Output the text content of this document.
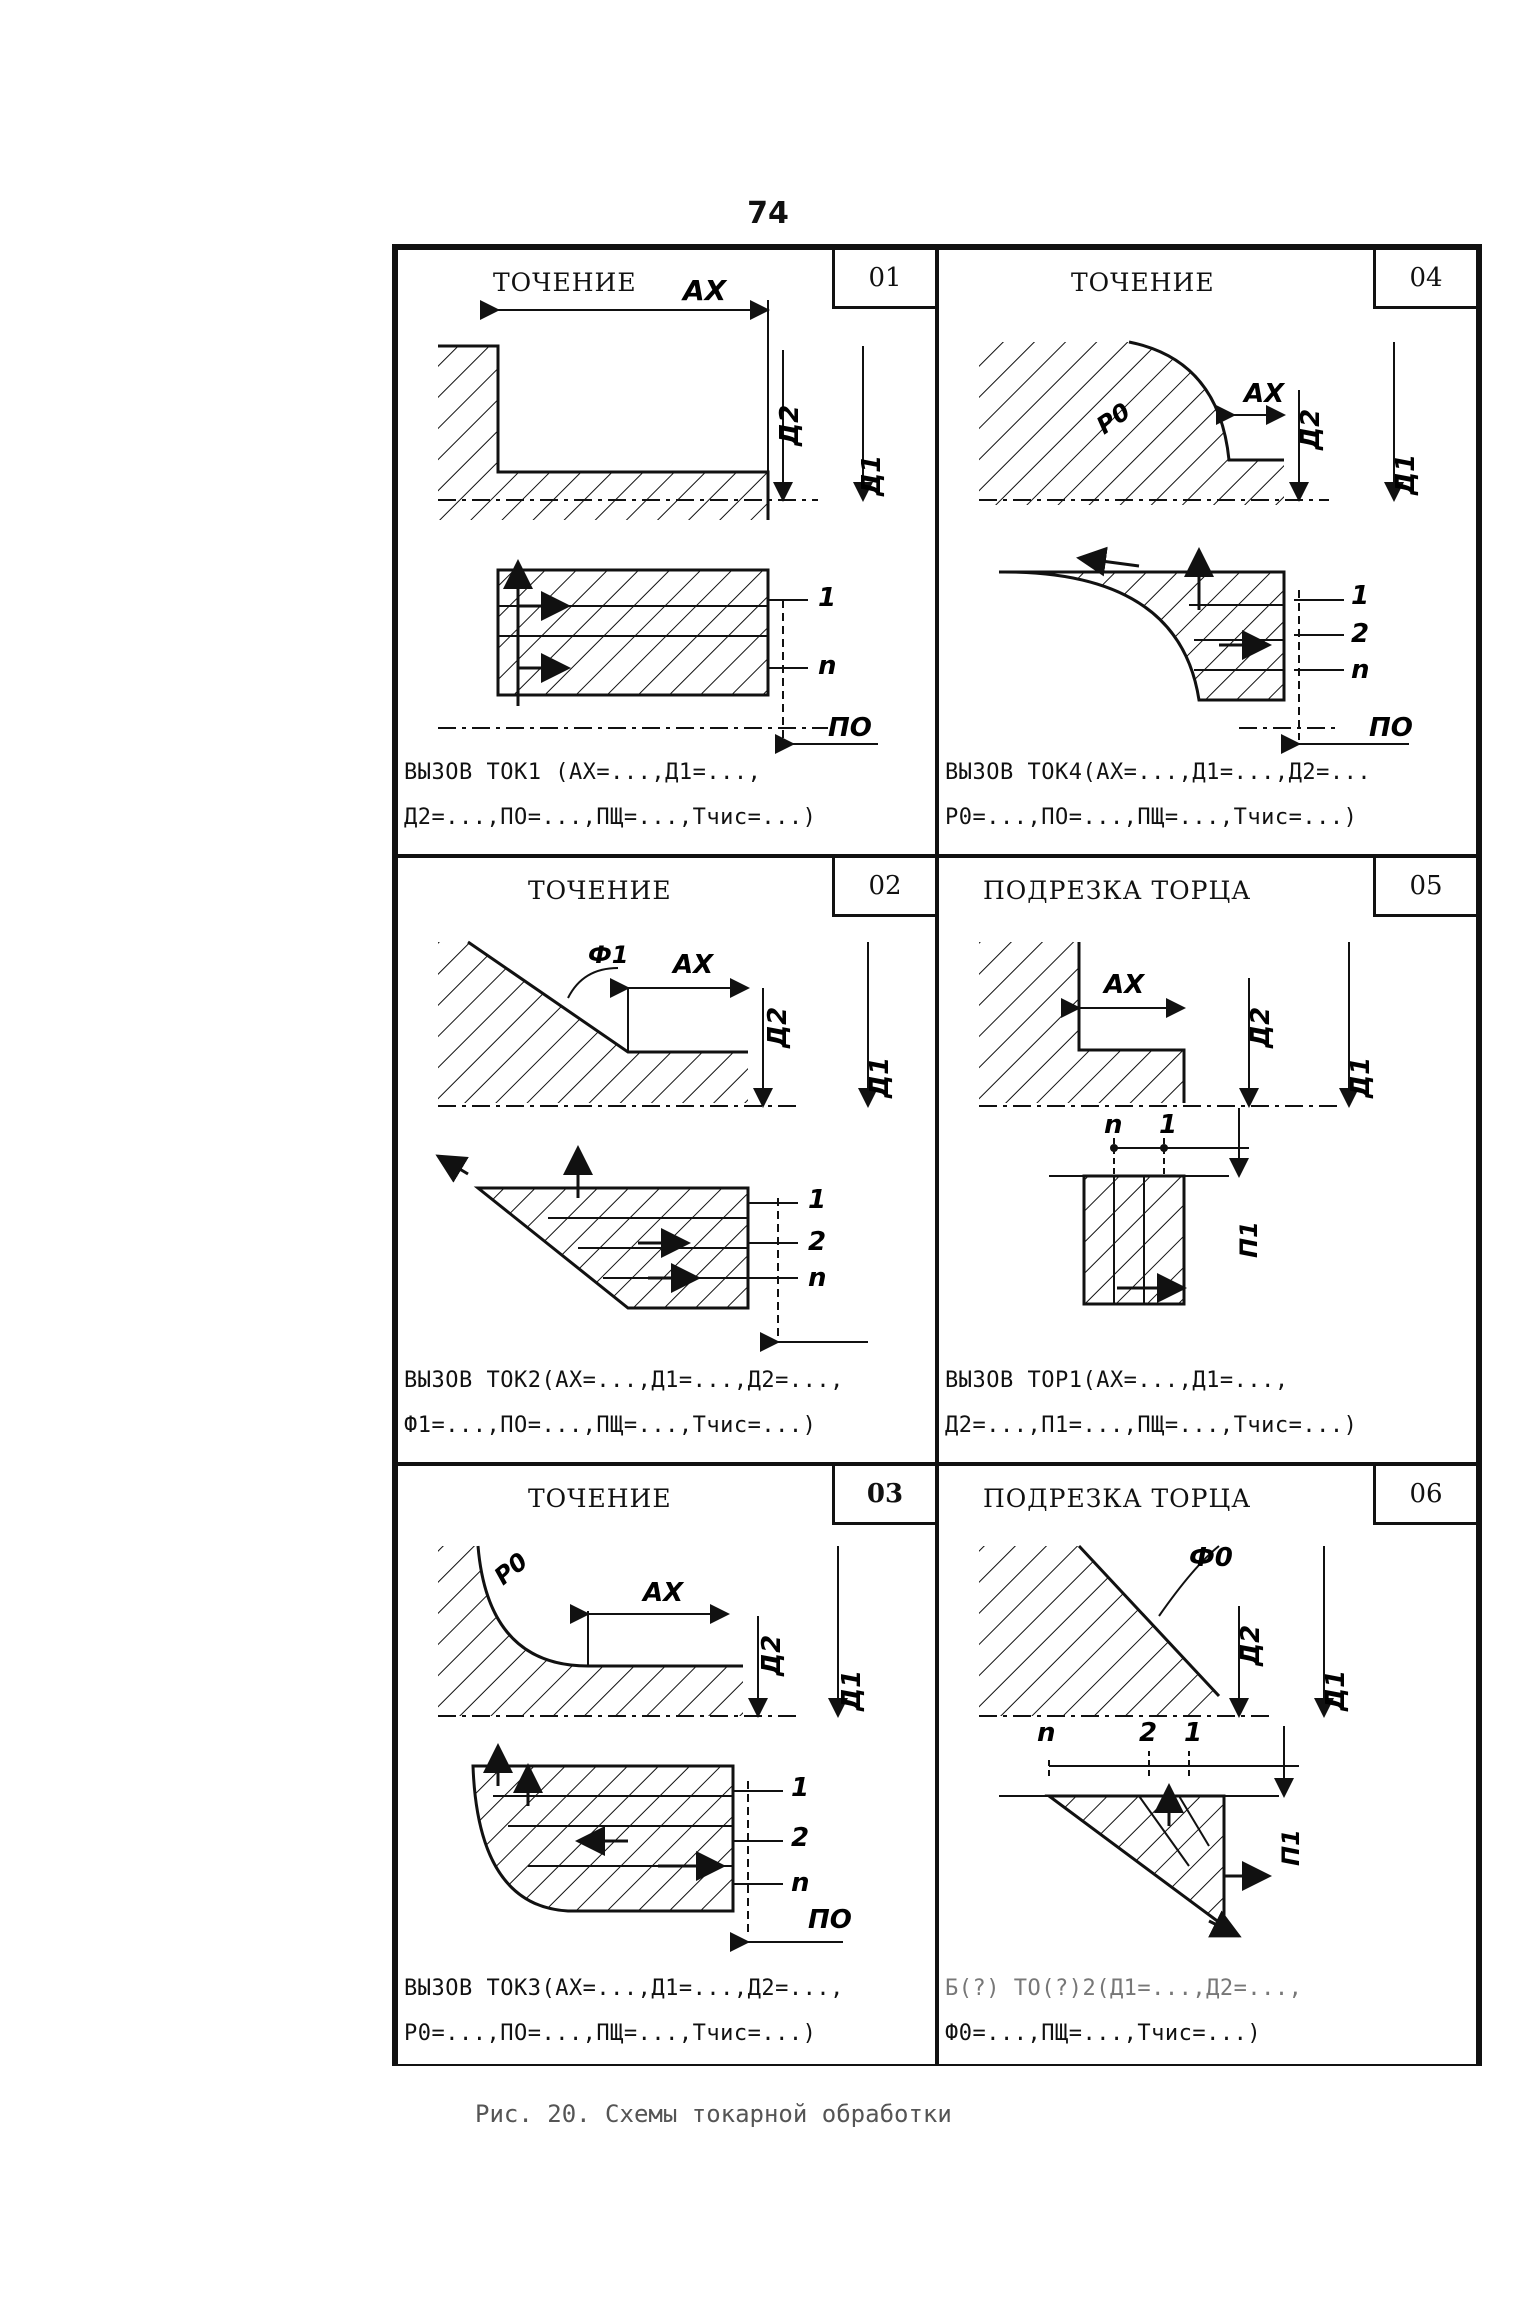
74
ТОЧЕНИЕ	01
AX
Д2
Д1
1
n
ПО
ВЫЗОВ ТОК1 (AX=...,Д1=...,
Д2=...,ПО=...,ПЩ=...,Тчис=...)
ТОЧЕНИЕ	04
AX
Р0	Д2
Д1
1
2
n
ПО
ВЫЗОВ ТОК4(AX=...,Д1=...,Д2=...
Р0=...,ПО=...,ПЩ=...,Тчис=...)
ТОЧЕНИЕ	02
AX
Ф1
Д2
Д1
1
2
n
ВЫЗОВ ТОК2(AX=...,Д1=...,Д2=...,
Ф1=...,ПО=...,ПЩ=...,Тчис=...)
ПОДРЕЗКА ТОРЦА	05
AX
Д2
Д1
n 1
П1
ВЫЗОВ ТОР1(AX=...,Д1=...,
Д2=...,П1=...,ПЩ=...,Тчис=...)
ТОЧЕНИЕ	03
AX
Р0
Д2
Д1
1
2
n
ПО
ВЫЗОВ ТОК3(AX=...,Д1=...,Д2=...,
Р0=...,ПО=...,ПЩ=...,Тчис=...)
ПОДРЕЗКА ТОРЦА	06
Ф0
Д2
Д1
n	2 1
П1
Б(?) ТО(?)2(Д1=...,Д2=...,
Ф0=...,ПЩ=...,Тчис=...)
Рис. 20. Схемы токарной обработки
